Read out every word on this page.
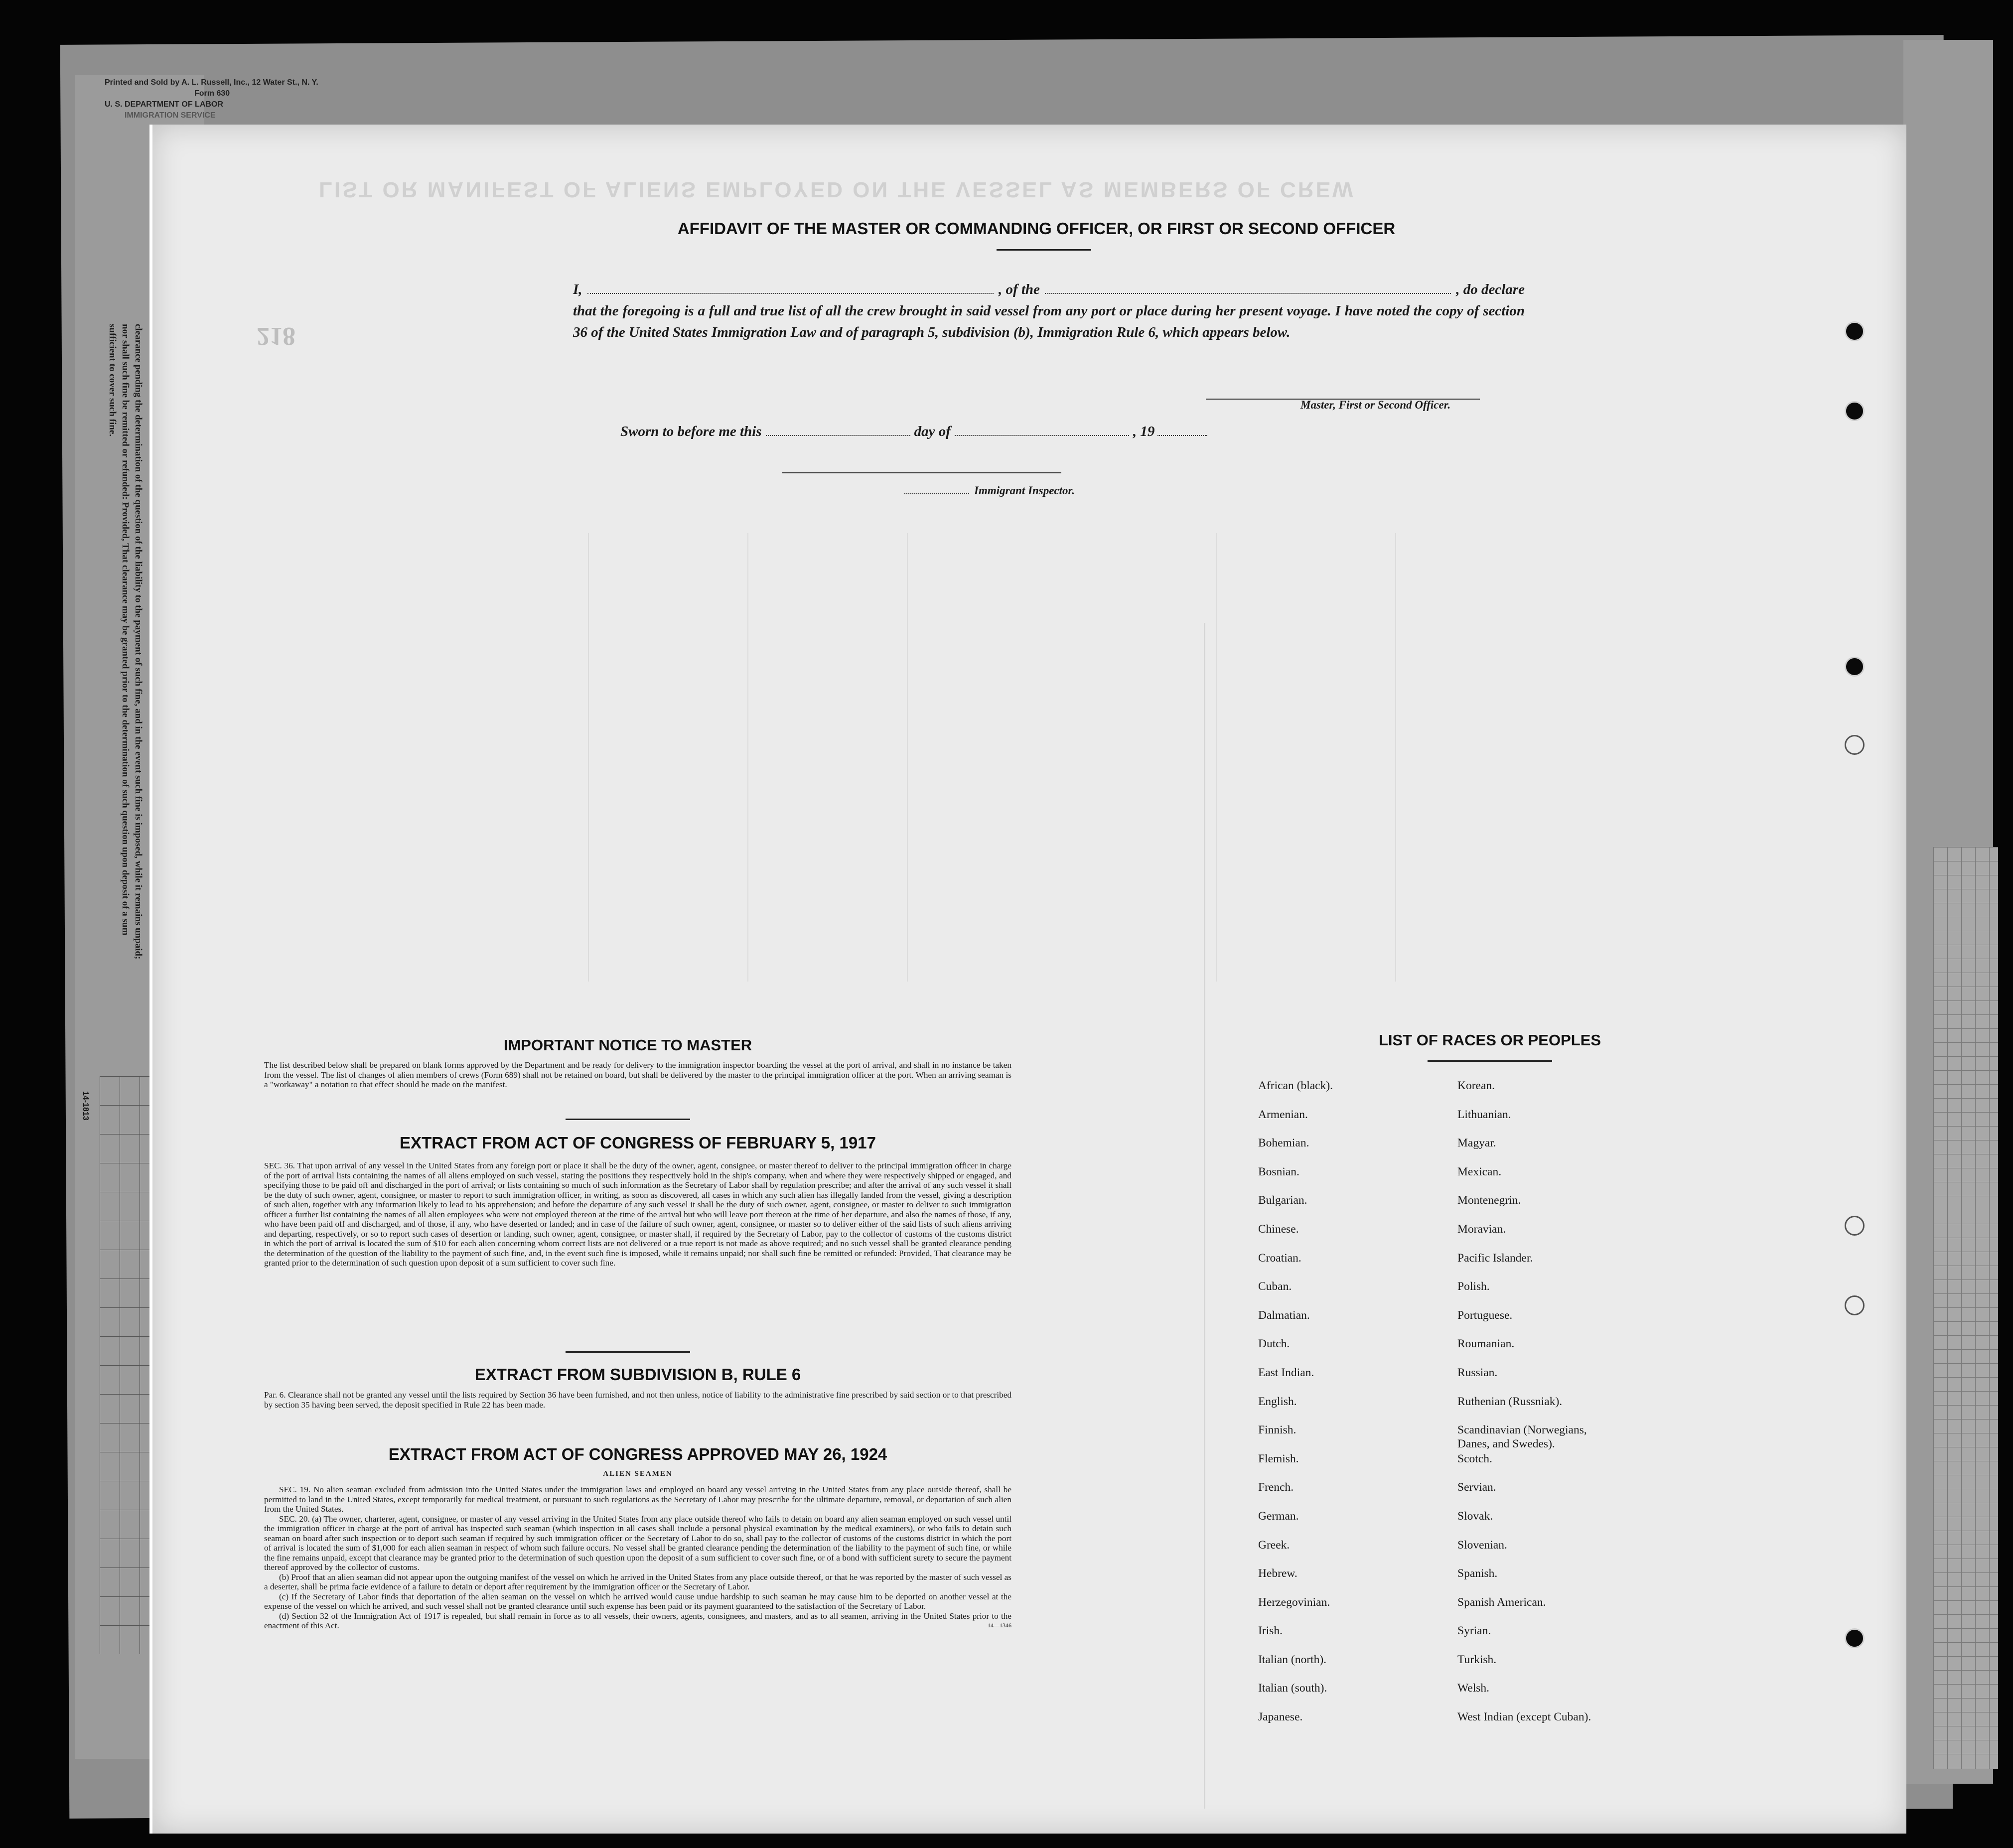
Printed and Sold by A. L. Russell, Inc., 12 Water St., N. Y.
Form 630
U. S. DEPARTMENT OF LABOR
IMMIGRATION SERVICE
clearance pending the determination of the question of the liability to the payment of such fine, and in the event such fine is imposed, while it remains unpaid; nor shall such fine be remitted or refunded: Provided, That clearance may be granted prior to the determination of such question upon deposit of a sum sufficient to cover such fine.
14-1813
LIST OR MANIFEST OF ALIENS EMPLOYED ON THE VESSEL AS MEMBERS OF CREW
218
AFFIDAVIT OF THE MASTER OR COMMANDING OFFICER, OR FIRST OR SECOND OFFICER
I,	, of the	, do declare
that the foregoing is a full and true list of all the crew brought in said vessel from any port or place during her present voyage. I have noted the copy of section 36 of the United States Immigration Law and of paragraph 5, subdivision (b), Immigration Rule 6, which appears below.
Master, First or Second Officer.
Sworn to before me this	day of	, 19
Immigrant Inspector.
IMPORTANT NOTICE TO MASTER
The list described below shall be prepared on blank forms approved by the Department and be ready for delivery to the immigration inspector boarding the vessel at the port of arrival, and shall in no instance be taken from the vessel. The list of changes of alien members of crews (Form 689) shall not be retained on board, but shall be delivered by the master to the principal immigration officer at the port. When an arriving seaman is a "workaway" a notation to that effect should be made on the manifest.
EXTRACT FROM ACT OF CONGRESS OF FEBRUARY 5, 1917
SEC. 36. That upon arrival of any vessel in the United States from any foreign port or place it shall be the duty of the owner, agent, consignee, or master thereof to deliver to the principal immigration officer in charge of the port of arrival lists containing the names of all aliens employed on such vessel, stating the positions they respectively hold in the ship's company, when and where they were respectively shipped or engaged, and specifying those to be paid off and discharged in the port of arrival; or lists containing so much of such information as the Secretary of Labor shall by regulation prescribe; and after the arrival of any such vessel it shall be the duty of such owner, agent, consignee, or master to report to such immigration officer, in writing, as soon as discovered, all cases in which any such alien has illegally landed from the vessel, giving a description of such alien, together with any information likely to lead to his apprehension; and before the departure of any such vessel it shall be the duty of such owner, agent, consignee, or master to deliver to such immigration officer a further list containing the names of all alien employees who were not employed thereon at the time of the arrival but who will leave port thereon at the time of her departure, and also the names of those, if any, who have been paid off and discharged, and of those, if any, who have deserted or landed; and in case of the failure of such owner, agent, consignee, or master so to deliver either of the said lists of such aliens arriving and departing, respectively, or so to report such cases of desertion or landing, such owner, agent, consignee, or master shall, if required by the Secretary of Labor, pay to the collector of customs of the customs district in which the port of arrival is located the sum of $10 for each alien concerning whom correct lists are not delivered or a true report is not made as above required; and no such vessel shall be granted clearance pending the determination of the question of the liability to the payment of such fine, and, in the event such fine is imposed, while it remains unpaid; nor shall such fine be remitted or refunded: Provided, That clearance may be granted prior to the determination of such question upon deposit of a sum sufficient to cover such fine.
EXTRACT FROM SUBDIVISION B, RULE 6
Par. 6. Clearance shall not be granted any vessel until the lists required by Section 36 have been furnished, and not then unless, notice of liability to the administrative fine prescribed by said section or to that prescribed by section 35 having been served, the deposit specified in Rule 22 has been made.
EXTRACT FROM ACT OF CONGRESS APPROVED MAY 26, 1924
ALIEN SEAMEN

SEC. 19. No alien seaman excluded from admission into the United States under the immigration laws and employed on board any vessel arriving in the United States from any place outside thereof, shall be permitted to land in the United States, except temporarily for medical treatment, or pursuant to such regulations as the Secretary of Labor may prescribe for the ultimate departure, removal, or deportation of such alien from the United States.

SEC. 20. (a) The owner, charterer, agent, consignee, or master of any vessel arriving in the United States from any place outside thereof who fails to detain on board any alien seaman employed on such vessel until the immigration officer in charge at the port of arrival has inspected such seaman (which inspection in all cases shall include a personal physical examination by the medical examiners), or who fails to detain such seaman on board after such inspection or to deport such seaman if required by such immigration officer or the Secretary of Labor to do so, shall pay to the collector of customs of the customs district in which the port of arrival is located the sum of $1,000 for each alien seaman in respect of whom such failure occurs. No vessel shall be granted clearance pending the determination of the liability to the payment of such fine, or while the fine remains unpaid, except that clearance may be granted prior to the determination of such question upon the deposit of a sum sufficient to cover such fine, or of a bond with sufficient surety to secure the payment thereof approved by the collector of customs.

(b) Proof that an alien seaman did not appear upon the outgoing manifest of the vessel on which he arrived in the United States from any place outside thereof, or that he was reported by the master of such vessel as a deserter, shall be prima facie evidence of a failure to detain or deport after requirement by the immigration officer or the Secretary of Labor.

(c) If the Secretary of Labor finds that deportation of the alien seaman on the vessel on which he arrived would cause undue hardship to such seaman he may cause him to be deported on another vessel at the expense of the vessel on which he arrived, and such vessel shall not be granted clearance until such expense has been paid or its payment guaranteed to the satisfaction of the Secretary of Labor.

(d) Section 32 of the Immigration Act of 1917 is repealed, but shall remain in force as to all vessels, their owners, agents, consignees, and masters, and as to all seamen, arriving in the United States prior to the enactment of this Act.	14—1346

LIST OF RACES OR PEOPLES
African (black).
Armenian.
Bohemian.
Bosnian.
Bulgarian.
Chinese.
Croatian.
Cuban.
Dalmatian.
Dutch.
East Indian.
English.
Finnish.
Flemish.
French.
German.
Greek.
Hebrew.
Herzegovinian.
Irish.
Italian (north).
Italian (south).
Japanese.
Korean.
Lithuanian.
Magyar.
Mexican.
Montenegrin.
Moravian.
Pacific Islander.
Polish.
Portuguese.
Roumanian.
Russian.
Ruthenian (Russniak).
Scandinavian (Norwegians, Danes, and Swedes).
Scotch.
Servian.
Slovak.
Slovenian.
Spanish.
Spanish American.
Syrian.
Turkish.
Welsh.
West Indian (except Cuban).
